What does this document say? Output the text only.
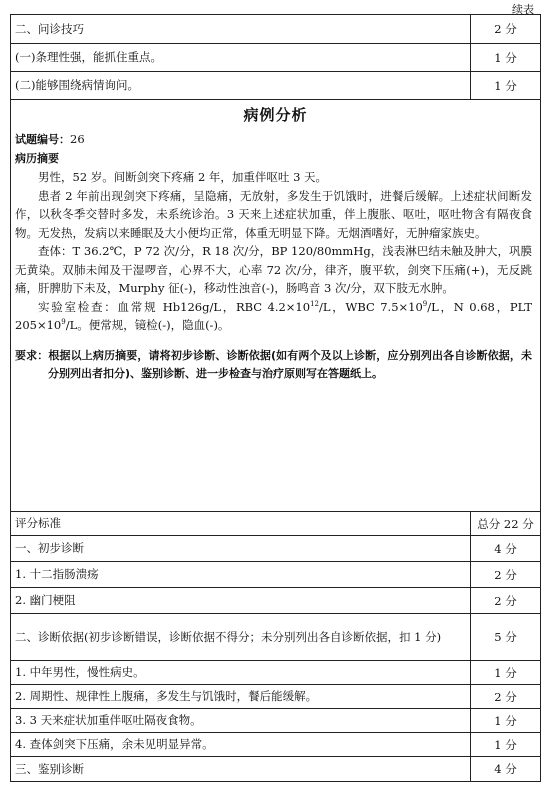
续表
二、问诊技巧	2 分
(一)条理性强，能抓住重点。	1 分
(二)能够围绕病情询问。	1 分
病例分析

试题编号：26

病历摘要

男性，52 岁。间断剑突下疼痛 2 年，加重伴呕吐 3 天。

患者 2 年前出现剑突下疼痛，呈隐痛，无放射，多发生于饥饿时，进餐后缓解。上述症状间断发作，以秋冬季交替时多发，未系统诊治。3 天来上述症状加重，伴上腹胀、呕吐，呕吐物含有隔夜食物。无发热，发病以来睡眠及大小便均正常，体重无明显下降。无烟酒嗜好，无肿瘤家族史。

查体：T 36.2℃，P 72 次/分，R 18 次/分，BP 120/80mmHg，浅表淋巴结未触及肿大，巩膜无黄染。双肺未闻及干湿啰音，心界不大，心率 72 次/分，律齐，腹平软，剑突下压痛(+)，无反跳痛，肝脾肋下未及，Murphy 征(-)，移动性浊音(-)，肠鸣音 3 次/分，双下肢无水肿。

实验室检查：血常规 Hb126g/L，RBC $4.2\times 10^{12}/L$，WBC $7.5\times 10^9/L$，N 0.68，PLT $205\times 10^9/L$。便常规，镜检(-)，隐血(-)。

要求：根据以上病历摘要，请将初步诊断、诊断依据(如有两个及以上诊断，应分别列出各自诊断依据，未分别列出者扣分)、鉴别诊断、进一步检查与治疗原则写在答题纸上。

评分标准	总分 22 分
一、初步诊断	4 分
1. 十二指肠溃疡	2 分
2. 幽门梗阻	2 分
二、诊断依据(初步诊断错误，诊断依据不得分；未分别列出各自诊断依据，扣 1 分)	5 分
1. 中年男性，慢性病史。	1 分
2. 周期性、规律性上腹痛，多发生与饥饿时，餐后能缓解。	2 分
3. 3 天来症状加重伴呕吐隔夜食物。	1 分
4. 查体剑突下压痛，余未见明显异常。	1 分
三、鉴别诊断	4 分
